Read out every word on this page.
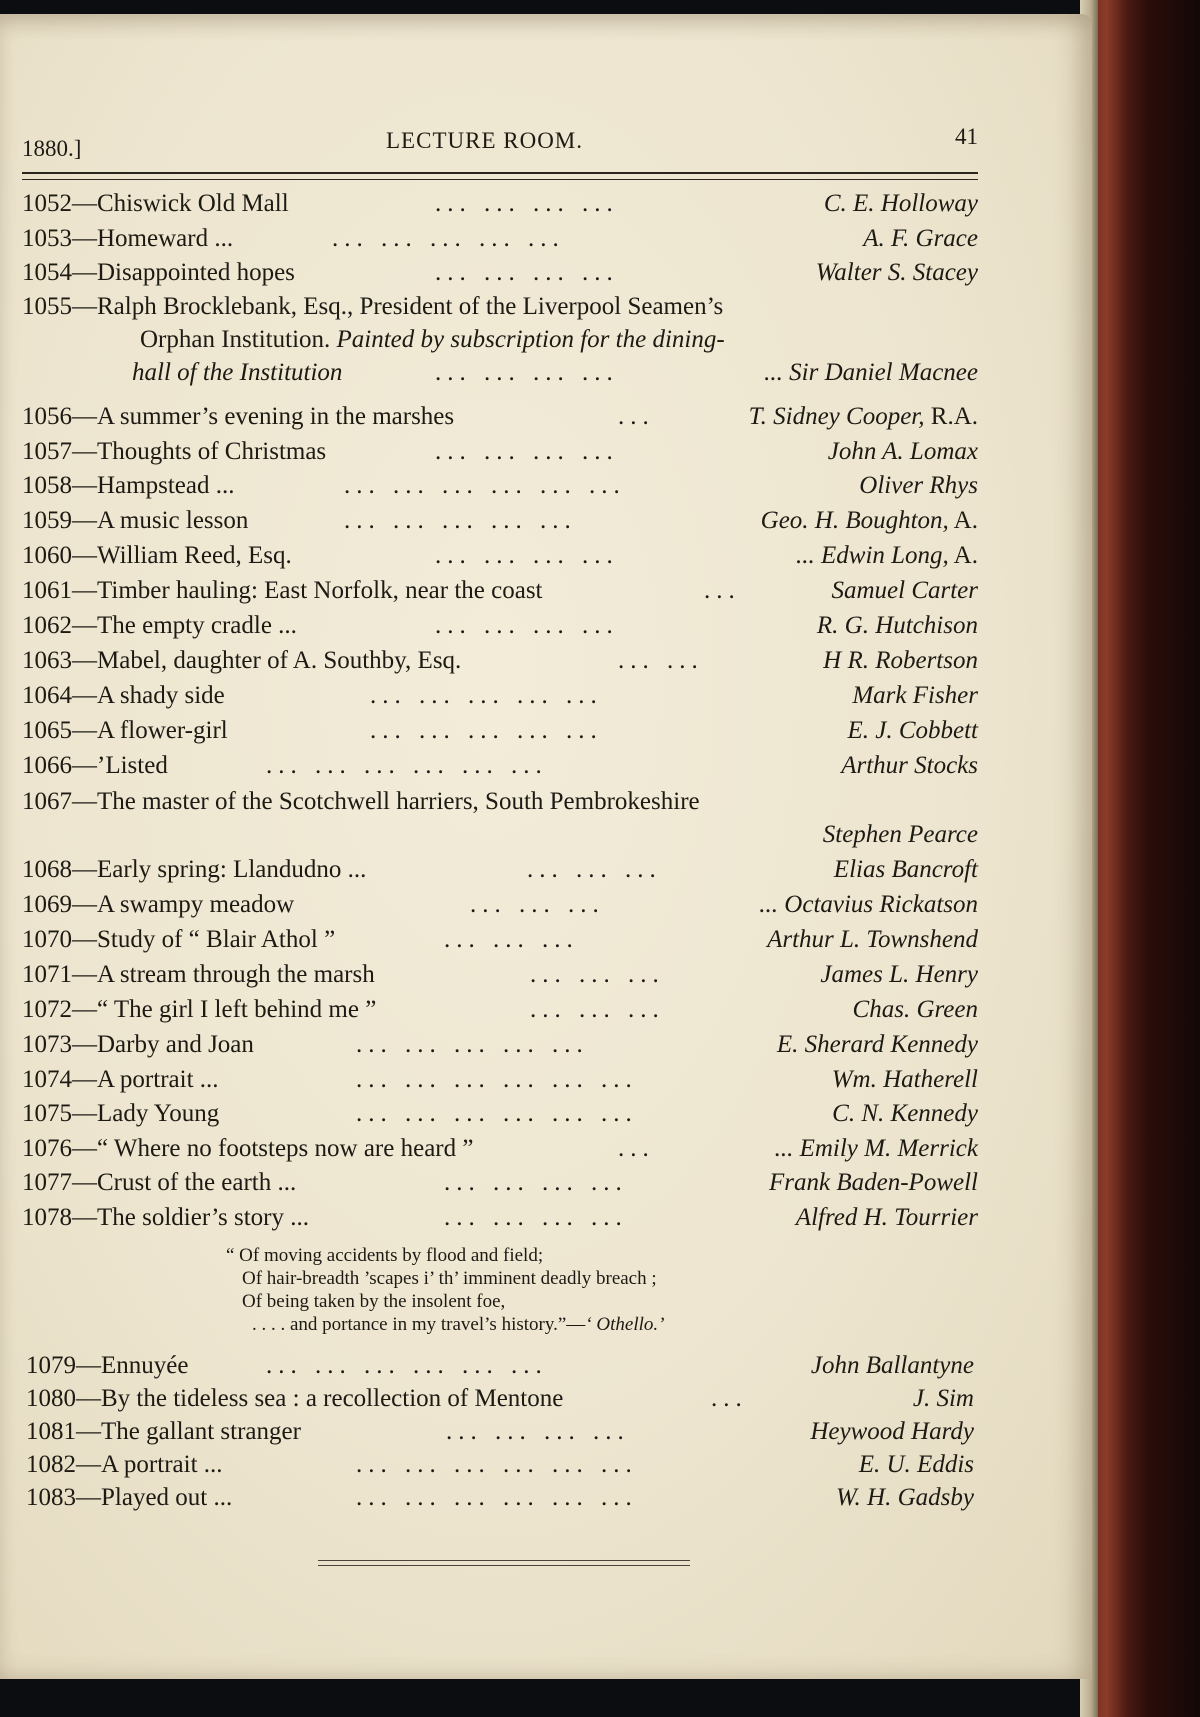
1880.]	LECTURE ROOM.	41
1052—Chiswick Old Mall	... ... ... ...	C. E. Holloway
1053—Homeward ...	... ... ... ... ...	A. F. Grace
1054—Disappointed hopes	... ... ... ...	Walter S. Stacey
1055—Ralph Brocklebank, Esq., President of the Liverpool Seamen’s
Orphan Institution. Painted by subscription for the dining-
hall of the Institution	... ... ... ...	... Sir Daniel Macnee
1056—A summer’s evening in the marshes	...	T. Sidney Cooper, R.A.
1057—Thoughts of Christmas	... ... ... ...	John A. Lomax
1058—Hampstead ...	... ... ... ... ... ...	Oliver Rhys
1059—A music lesson	... ... ... ... ...	Geo. H. Boughton, A.
1060—William Reed, Esq.	... ... ... ...	... Edwin Long, A.
1061—Timber hauling: East Norfolk, near the coast	...	Samuel Carter
1062—The empty cradle ...	... ... ... ...	R. G. Hutchison
1063—Mabel, daughter of A. Southby, Esq.	... ...	H R. Robertson
1064—A shady side	... ... ... ... ...	Mark Fisher
1065—A flower-girl	... ... ... ... ...	E. J. Cobbett
1066—’Listed	... ... ... ... ... ...	Arthur Stocks
1067—The master of the Scotchwell harriers, South Pembrokeshire
Stephen Pearce
1068—Early spring: Llandudno ...	... ... ...	Elias Bancroft
1069—A swampy meadow	... ... ...	... Octavius Rickatson
1070—Study of “ Blair Athol ”	... ... ...	Arthur L. Townshend
1071—A stream through the marsh	... ... ...	James L. Henry
1072—“ The girl I left behind me ”	... ... ...	Chas. Green
1073—Darby and Joan	... ... ... ... ...	E. Sherard Kennedy
1074—A portrait ...	... ... ... ... ... ...	Wm. Hatherell
1075—Lady Young	... ... ... ... ... ...	C. N. Kennedy
1076—“ Where no footsteps now are heard ”	...	... Emily M. Merrick
1077—Crust of the earth ...	... ... ... ...	Frank Baden-Powell
1078—The soldier’s story ...	... ... ... ...	Alfred H. Tourrier
“ Of moving accidents by flood and field;
Of hair-breadth ’scapes i’ th’ imminent deadly breach ;
Of being taken by the insolent foe,
. . . . and portance in my travel’s history.”—‘ Othello.’
1079—Ennuyée	... ... ... ... ... ...	John Ballantyne
1080—By the tideless sea : a recollection of Mentone	...	J. Sim
1081—The gallant stranger	... ... ... ...	Heywood Hardy
1082—A portrait ...	... ... ... ... ... ...	E. U. Eddis
1083—Played out ...	... ... ... ... ... ...	W. H. Gadsby
